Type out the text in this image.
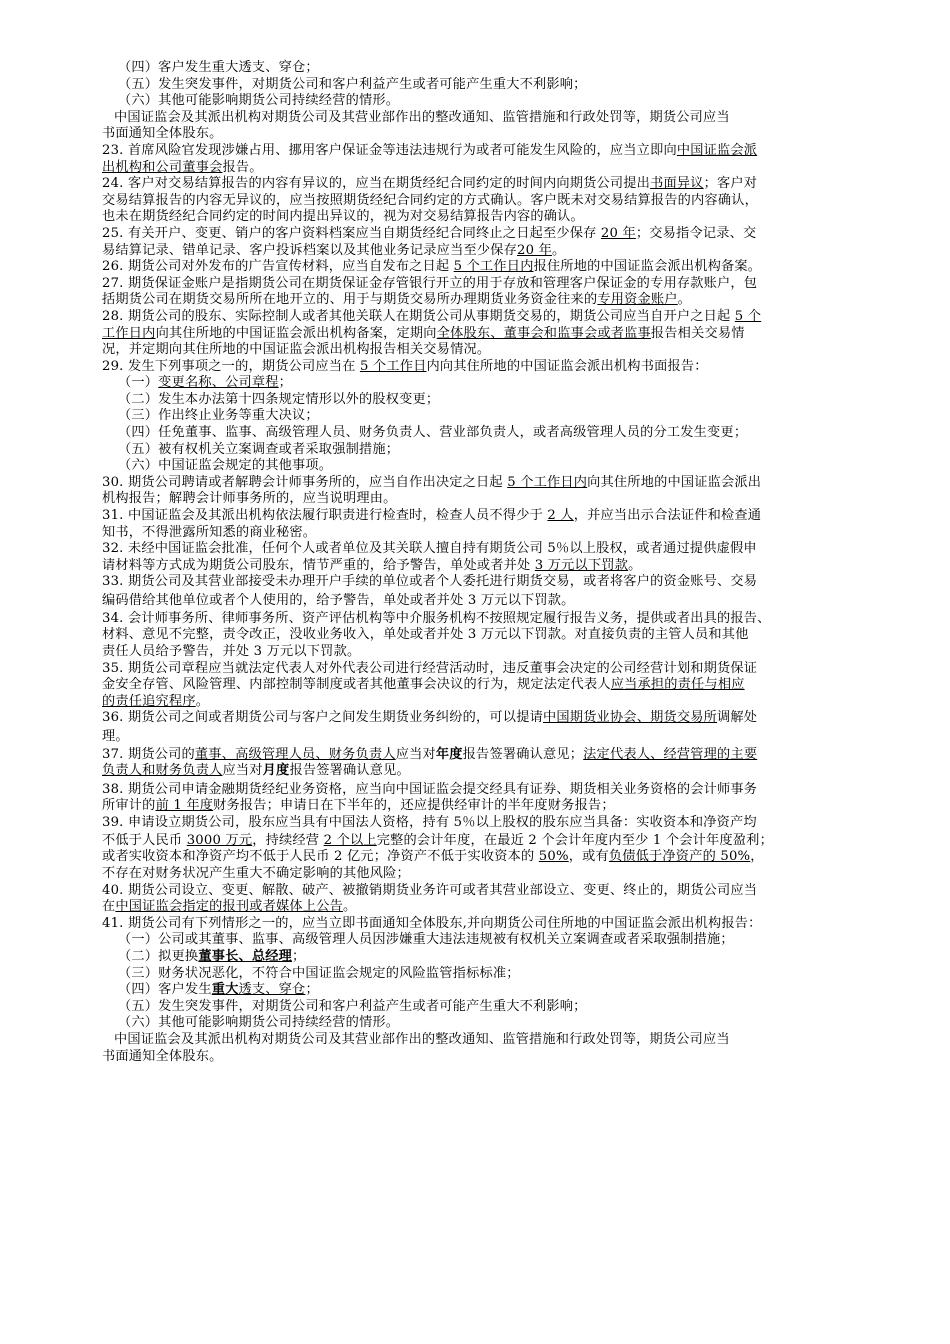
（四）客户发生重大透支、穿仓；
（五）发生突发事件，对期货公司和客户利益产生或者可能产生重大不利影响；
（六）其他可能影响期货公司持续经营的情形。
中国证监会及其派出机构对期货公司及其营业部作出的整改通知、监管措施和行政处罚等，期货公司应当
书面通知全体股东。
23. 首席风险官发现涉嫌占用、挪用客户保证金等违法违规行为或者可能发生风险的，应当立即向中国证监会派
出机构和公司董事会报告。
24. 客户对交易结算报告的内容有异议的，应当在期货经纪合同约定的时间内向期货公司提出书面异议；客户对
交易结算报告的内容无异议的，应当按照期货经纪合同约定的方式确认。客户既未对交易结算报告的内容确认，
也未在期货经纪合同约定的时间内提出异议的，视为对交易结算报告内容的确认。
25. 有关开户、变更、销户的客户资料档案应当自期货经纪合同终止之日起至少保存 20 年；交易指令记录、交
易结算记录、错单记录、客户投诉档案以及其他业务记录应当至少保存20 年。
26. 期货公司对外发布的广告宣传材料，应当自发布之日起 5 个工作日内报住所地的中国证监会派出机构备案。
27. 期货保证金账户是指期货公司在期货保证金存管银行开立的用于存放和管理客户保证金的专用存款账户，包
括期货公司在期货交易所所在地开立的、用于与期货交易所办理期货业务资金往来的专用资金账户。
28. 期货公司的股东、实际控制人或者其他关联人在期货公司从事期货交易的，期货公司应当自开户之日起 5 个
工作日内向其住所地的中国证监会派出机构备案，定期向全体股东、董事会和监事会或者监事报告相关交易情
况，并定期向其住所地的中国证监会派出机构报告相关交易情况。
29. 发生下列事项之一的，期货公司应当在 5 个工作日内向其住所地的中国证监会派出机构书面报告：
（一）变更名称、公司章程；
（二）发生本办法第十四条规定情形以外的股权变更；
（三）作出终止业务等重大决议；
（四）任免董事、监事、高级管理人员、财务负责人、营业部负责人，或者高级管理人员的分工发生变更；
（五）被有权机关立案调查或者采取强制措施；
（六）中国证监会规定的其他事项。
30. 期货公司聘请或者解聘会计师事务所的，应当自作出决定之日起 5 个工作日内向其住所地的中国证监会派出
机构报告；解聘会计师事务所的，应当说明理由。
31. 中国证监会及其派出机构依法履行职责进行检查时，检查人员不得少于 2 人，并应当出示合法证件和检查通
知书，不得泄露所知悉的商业秘密。
32. 未经中国证监会批准，任何个人或者单位及其关联人擅自持有期货公司 5％以上股权，或者通过提供虚假申
请材料等方式成为期货公司股东，情节严重的，给予警告，单处或者并处 3 万元以下罚款。
33. 期货公司及其营业部接受未办理开户手续的单位或者个人委托进行期货交易，或者将客户的资金账号、交易
编码借给其他单位或者个人使用的，给予警告，单处或者并处 3 万元以下罚款。
34. 会计师事务所、律师事务所、资产评估机构等中介服务机构不按照规定履行报告义务，提供或者出具的报告、
材料、意见不完整，责令改正，没收业务收入，单处或者并处 3 万元以下罚款。对直接负责的主管人员和其他
责任人员给予警告，并处 3 万元以下罚款。
35. 期货公司章程应当就法定代表人对外代表公司进行经营活动时，违反董事会决定的公司经营计划和期货保证
金安全存管、风险管理、内部控制等制度或者其他董事会决议的行为，规定法定代表人应当承担的责任与相应
的责任追究程序。
36. 期货公司之间或者期货公司与客户之间发生期货业务纠纷的，可以提请中国期货业协会、期货交易所调解处
理。
37. 期货公司的董事、高级管理人员、财务负责人应当对年度报告签署确认意见；法定代表人、经营管理的主要
负责人和财务负责人应当对月度报告签署确认意见。
38. 期货公司申请金融期货经纪业务资格，应当向中国证监会提交经具有证券、期货相关业务资格的会计师事务
所审计的前 1 年度财务报告；申请日在下半年的，还应提供经审计的半年度财务报告；
39. 申请设立期货公司，股东应当具有中国法人资格，持有 5％以上股权的股东应当具备：实收资本和净资产均
不低于人民币 3000 万元，持续经营 2 个以上完整的会计年度，在最近 2 个会计年度内至少 1 个会计年度盈利；
或者实收资本和净资产均不低于人民币 2 亿元；净资产不低于实收资本的 50%，或有负债低于净资产的 50%，
不存在对财务状况产生重大不确定影响的其他风险；
40. 期货公司设立、变更、解散、破产、被撤销期货业务许可或者其营业部设立、变更、终止的，期货公司应当
在中国证监会指定的报刊或者媒体上公告。
41. 期货公司有下列情形之一的，应当立即书面通知全体股东,并向期货公司住所地的中国证监会派出机构报告：
（一）公司或其董事、监事、高级管理人员因涉嫌重大违法违规被有权机关立案调查或者采取强制措施；
（二）拟更换董事长、总经理；
（三）财务状况恶化，不符合中国证监会规定的风险监管指标标准；
（四）客户发生重大透支、穿仓；
（五）发生突发事件，对期货公司和客户利益产生或者可能产生重大不利影响；
（六）其他可能影响期货公司持续经营的情形。
中国证监会及其派出机构对期货公司及其营业部作出的整改通知、监管措施和行政处罚等，期货公司应当
书面通知全体股东。
